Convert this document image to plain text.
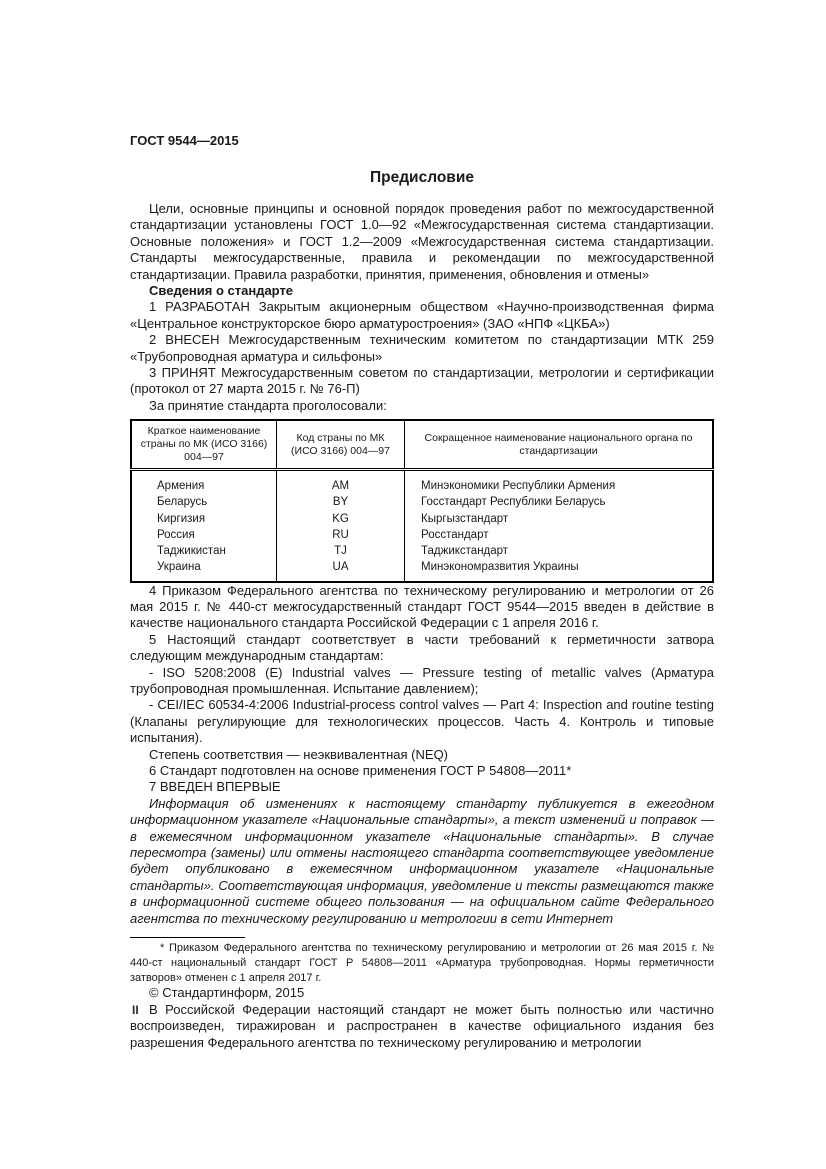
ГОСТ 9544—2015
Предисловие

Цели, основные принципы и основной порядок проведения работ по межгосударственной стандартизации установлены ГОСТ 1.0—92 «Межгосударственная система стандартизации. Основные положения» и ГОСТ 1.2—2009 «Межгосударственная система стандартизации. Стандарты межгосударственные, правила и рекомендации по межгосударственной стандартизации. Правила разработки, принятия, применения, обновления и отмены»

Сведения о стандарте

1 РАЗРАБОТАН Закрытым акционерным обществом «Научно-производственная фирма «Центральное конструкторское бюро арматуростроения» (ЗАО «НПФ «ЦКБА»)

2 ВНЕСЕН Межгосударственным техническим комитетом по стандартизации МТК 259 «Трубопроводная арматура и сильфоны»

3 ПРИНЯТ Межгосударственным советом по стандартизации, метрологии и сертификации (протокол от 27 марта 2015 г. № 76-П)

За принятие стандарта проголосовали:

Краткое наименование страны по МК (ИСО 3166) 004—97	Код страны по МК (ИСО 3166) 004—97	Сокращенное наименование национального органа по стандартизации
Армения	AM	Минэкономики Республики Армения
Беларусь	BY	Госстандарт Республики Беларусь
Киргизия	KG	Кыргызстандарт
Россия	RU	Росстандарт
Таджикистан	TJ	Таджикстандарт
Украина	UA	Минэкономразвития Украины

4 Приказом Федерального агентства по техническому регулированию и метрологии от 26 мая 2015 г. № 440-ст межгосударственный стандарт ГОСТ 9544—2015 введен в действие в качестве национального стандарта Российской Федерации с 1 апреля 2016 г.

5 Настоящий стандарт соответствует в части требований к герметичности затвора следующим международным стандартам:

- ISO 5208:2008 (E) Industrial valves — Pressure testing of metallic valves (Арматура трубопроводная промышленная. Испытание давлением);

- CEI/IEC 60534-4:2006 Industrial-process control valves — Part 4: Inspection and routine testing (Клапаны регулирующие для технологических процессов. Часть 4. Контроль и типовые испытания).

Степень соответствия — неэквивалентная (NEQ)

6 Стандарт подготовлен на основе применения ГОСТ Р 54808—2011*

7 ВВЕДЕН ВПЕРВЫЕ

Информация об изменениях к настоящему стандарту публикуется в ежегодном информационном указателе «Национальные стандарты», а текст изменений и поправок — в ежемесячном информационном указателе «Национальные стандарты». В случае пересмотра (замены) или отмены настоящего стандарта соответствующее уведомление будет опубликовано в ежемесячном информационном указателе «Национальные стандарты». Соответствующая информация, уведомление и тексты размещаются также в информационной системе общего пользования — на официальном сайте Федерального агентства по техническому регулированию и метрологии в сети Интернет

* Приказом Федерального агентства по техническому регулированию и метрологии от 26 мая 2015 г. № 440-ст национальный стандарт ГОСТ Р 54808—2011 «Арматура трубопроводная. Нормы герметичности затворов» отменен с 1 апреля 2017 г.

© Стандартинформ, 2015

В Российской Федерации настоящий стандарт не может быть полностью или частично воспроизведен, тиражирован и распространен в качестве официального издания без разрешения Федерального агентства по техническому регулированию и метрологии

II
